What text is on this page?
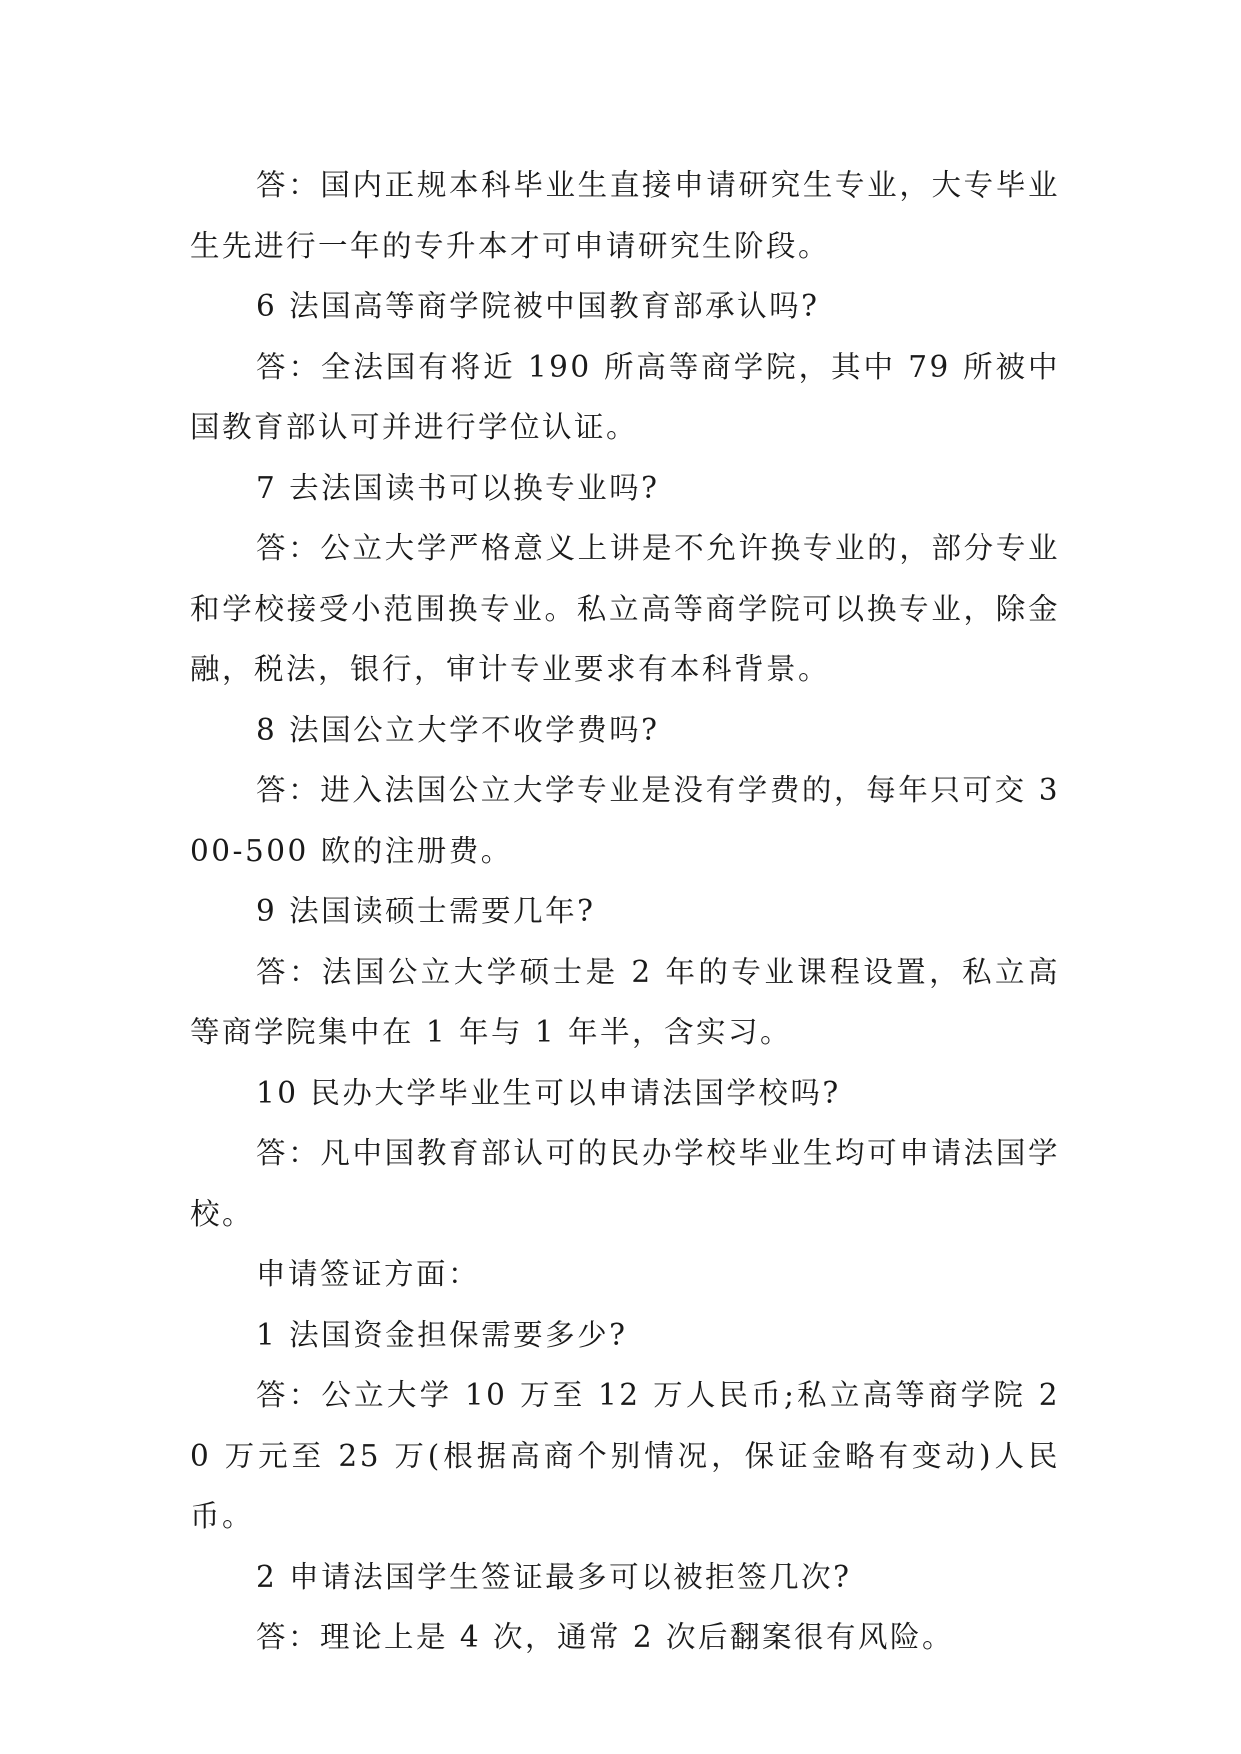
答：国内正规本科毕业生直接申请研究生专业，大专毕业生先进行一年的专升本才可申请研究生阶段。

6 法国高等商学院被中国教育部承认吗?

答：全法国有将近 190 所高等商学院，其中 79 所被中国教育部认可并进行学位认证。

7 去法国读书可以换专业吗?

答：公立大学严格意义上讲是不允许换专业的，部分专业和学校接受小范围换专业。私立高等商学院可以换专业，除金融，税法，银行，审计专业要求有本科背景。

8 法国公立大学不收学费吗?

答：进入法国公立大学专业是没有学费的，每年只可交 300-500 欧的注册费。

9 法国读硕士需要几年?

答：法国公立大学硕士是 2 年的专业课程设置，私立高等商学院集中在 1 年与 1 年半，含实习。

10 民办大学毕业生可以申请法国学校吗?

答：凡中国教育部认可的民办学校毕业生均可申请法国学校。

申请签证方面：

1 法国资金担保需要多少?

答：公立大学 10 万至 12 万人民币;私立高等商学院 20 万元至 25 万(根据高商个别情况，保证金略有变动)人民币。

2 申请法国学生签证最多可以被拒签几次?

答：理论上是 4 次，通常 2 次后翻案很有风险。
